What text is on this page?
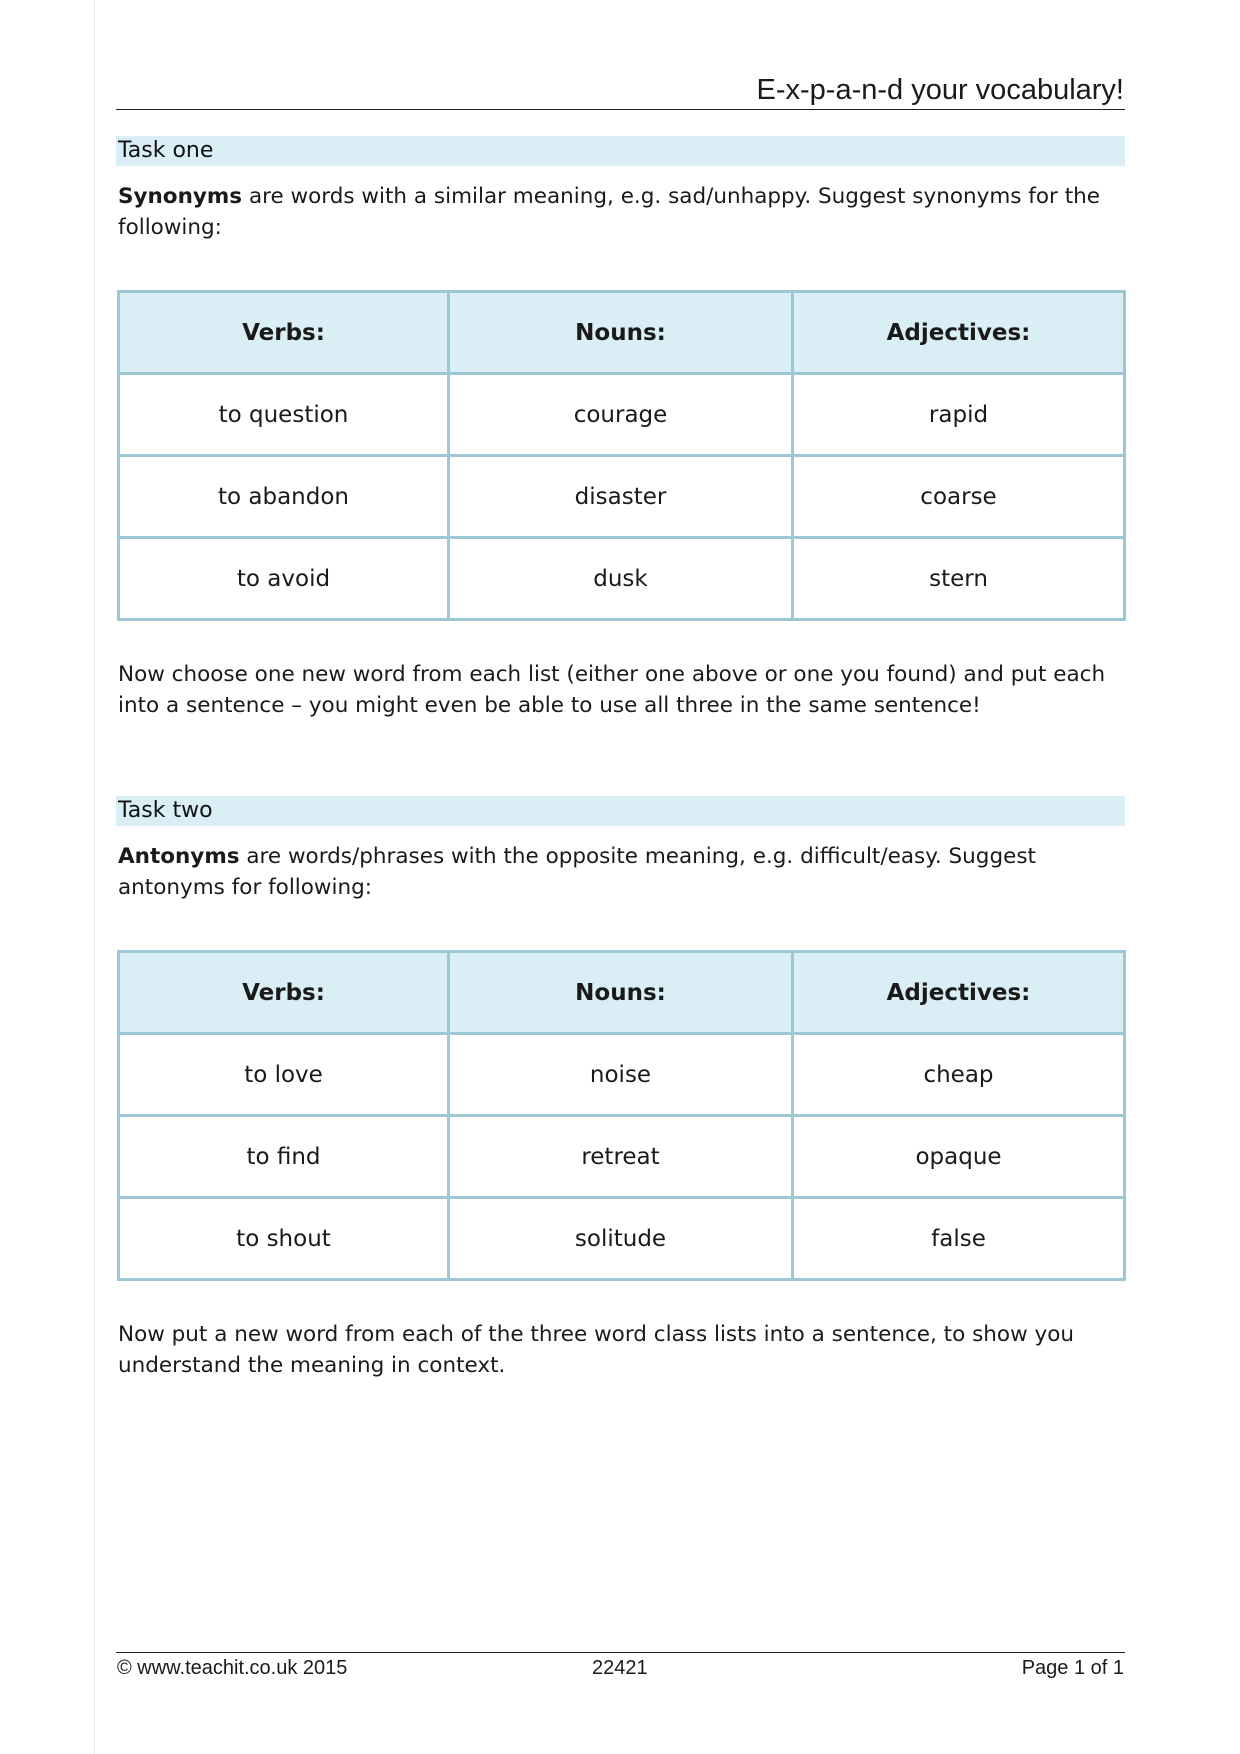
E-x-p-a-n-d your vocabulary!
Task one

Synonyms are words with a similar meaning, e.g. sad/unhappy. Suggest synonyms for the following:

Verbs:	Nouns:	Adjectives:
to question	courage	rapid
to abandon	disaster	coarse
to avoid	dusk	stern

Now choose one new word from each list (either one above or one you found) and put each into a sentence – you might even be able to use all three in the same sentence!

Task two

Antonyms are words/phrases with the opposite meaning, e.g. difficult/easy. Suggest antonyms for following:

Verbs:	Nouns:	Adjectives:
to love	noise	cheap
to find	retreat	opaque
to shout	solitude	false

Now put a new word from each of the three word class lists into a sentence, to show you understand the meaning in context.

© www.teachit.co.uk 2015	22421	Page 1 of 1
